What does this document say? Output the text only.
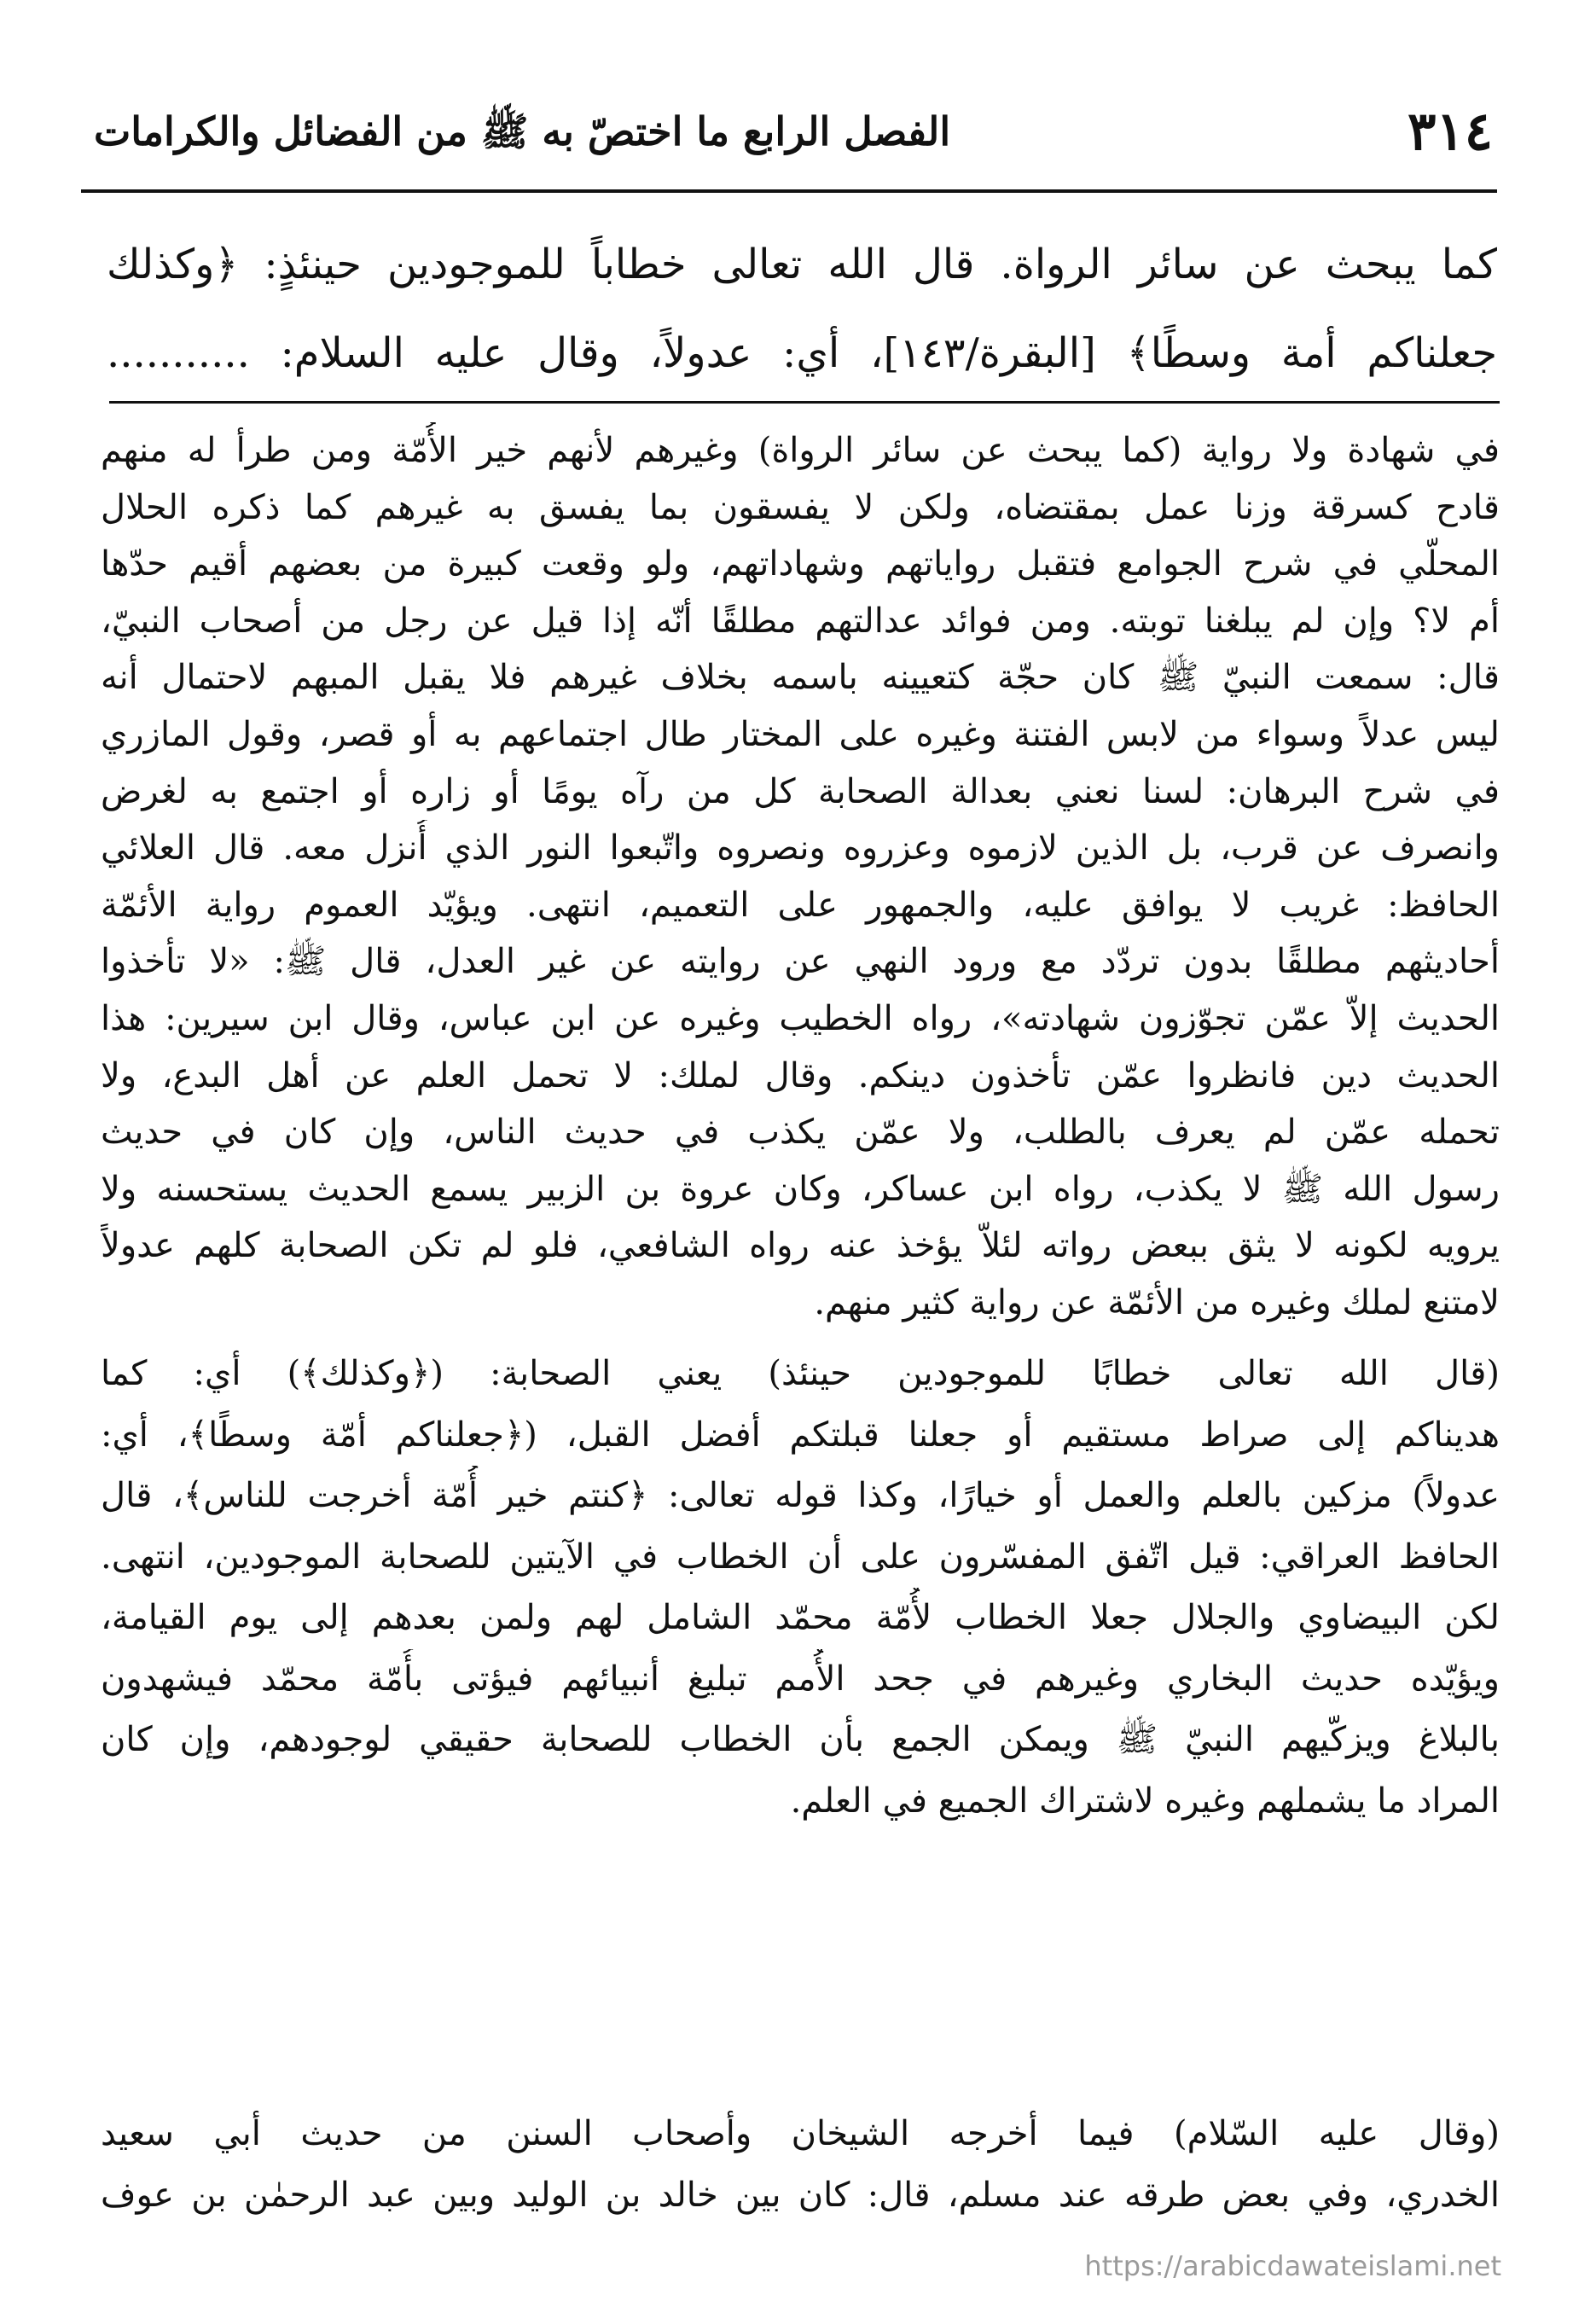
٣١٤
الفصل الرابع ما اختصّ به ﷺ من الفضائل والكرامات
كما يبحث عن سائر الرواة. قال الله تعالى خطاباً للموجودين حينئذٍ: ﴿وكذلك
جعلناكم أمة وسطًا﴾ [البقرة/١٤٣]، أي: عدولاً، وقال عليه السلام: ...........
في شهادة ولا رواية (كما يبحث عن سائر الرواة) وغيرهم لأنهم خير الأُمّة ومن طرأ له منهم
قادح كسرقة وزنا عمل بمقتضاه، ولكن لا يفسقون بما يفسق به غيرهم كما ذكره الحلال
المحلّي في شرح الجوامع فتقبل رواياتهم وشهاداتهم، ولو وقعت كبيرة من بعضهم أقيم حدّها
أم لا؟ وإن لم يبلغنا توبته. ومن فوائد عدالتهم مطلقًا أنّه إذا قيل عن رجل من أصحاب النبيّ،
قال: سمعت النبيّ ﷺ كان حجّة كتعيينه باسمه بخلاف غيرهم فلا يقبل المبهم لاحتمال أنه
ليس عدلاً وسواء من لابس الفتنة وغيره على المختار طال اجتماعهم به أو قصر، وقول المازري
في شرح البرهان: لسنا نعني بعدالة الصحابة كل من رآه يومًا أو زاره أو اجتمع به لغرض
وانصرف عن قرب، بل الذين لازموه وعزروه ونصروه واتّبعوا النور الذي أُنزل معه. قال العلائي
الحافظ: غريب لا يوافق عليه، والجمهور على التعميم، انتهى. ويؤيّد العموم رواية الأئمّة
أحاديثهم مطلقًا بدون تردّد مع ورود النهي عن روايته عن غير العدل، قال ﷺ: «لا تأخذوا
الحديث إلاّ عمّن تجوّزون شهادته»، رواه الخطيب وغيره عن ابن عباس، وقال ابن سيرين: هذا
الحديث دين فانظروا عمّن تأخذون دينكم. وقال لملك: لا تحمل العلم عن أهل البدع، ولا
تحمله عمّن لم يعرف بالطلب، ولا عمّن يكذب في حديث الناس، وإن كان في حديث
رسول الله ﷺ لا يكذب، رواه ابن عساكر، وكان عروة بن الزبير يسمع الحديث يستحسنه ولا
يرويه لكونه لا يثق ببعض رواته لئلاّ يؤخذ عنه رواه الشافعي، فلو لم تكن الصحابة كلهم عدولاً
لامتنع لملك وغيره من الأئمّة عن رواية كثير منهم.
(قال الله تعالى خطابًا للموجودين حينئذ) يعني الصحابة: (﴿وكذلك﴾) أي: كما
هديناكم إلى صراط مستقيم أو جعلنا قبلتكم أفضل القبل، (﴿جعلناكم أمّة وسطًا﴾، أي:
عدولاً) مزكين بالعلم والعمل أو خيارًا، وكذا قوله تعالى: ﴿كنتم خير أُمّة أخرجت للناس﴾، قال
الحافظ العراقي: قيل اتّفق المفسّرون على أن الخطاب في الآيتين للصحابة الموجودين، انتهى.
لكن البيضاوي والجلال جعلا الخطاب لأُمّة محمّد الشامل لهم ولمن بعدهم إلى يوم القيامة،
ويؤيّده حديث البخاري وغيرهم في جحد الأُمم تبليغ أنبيائهم فيؤتى بأُمّة محمّد فيشهدون
بالبلاغ ويزكّيهم النبيّ ﷺ ويمكن الجمع بأن الخطاب للصحابة حقيقي لوجودهم، وإن كان
المراد ما يشملهم وغيره لاشتراك الجميع في العلم.
(وقال عليه السّلام) فيما أخرجه الشيخان وأصحاب السنن من حديث أبي سعيد
الخدري، وفي بعض طرقه عند مسلم، قال: كان بين خالد بن الوليد وبين عبد الرحمٰن بن عوف
https://arabicdawateislami.net
